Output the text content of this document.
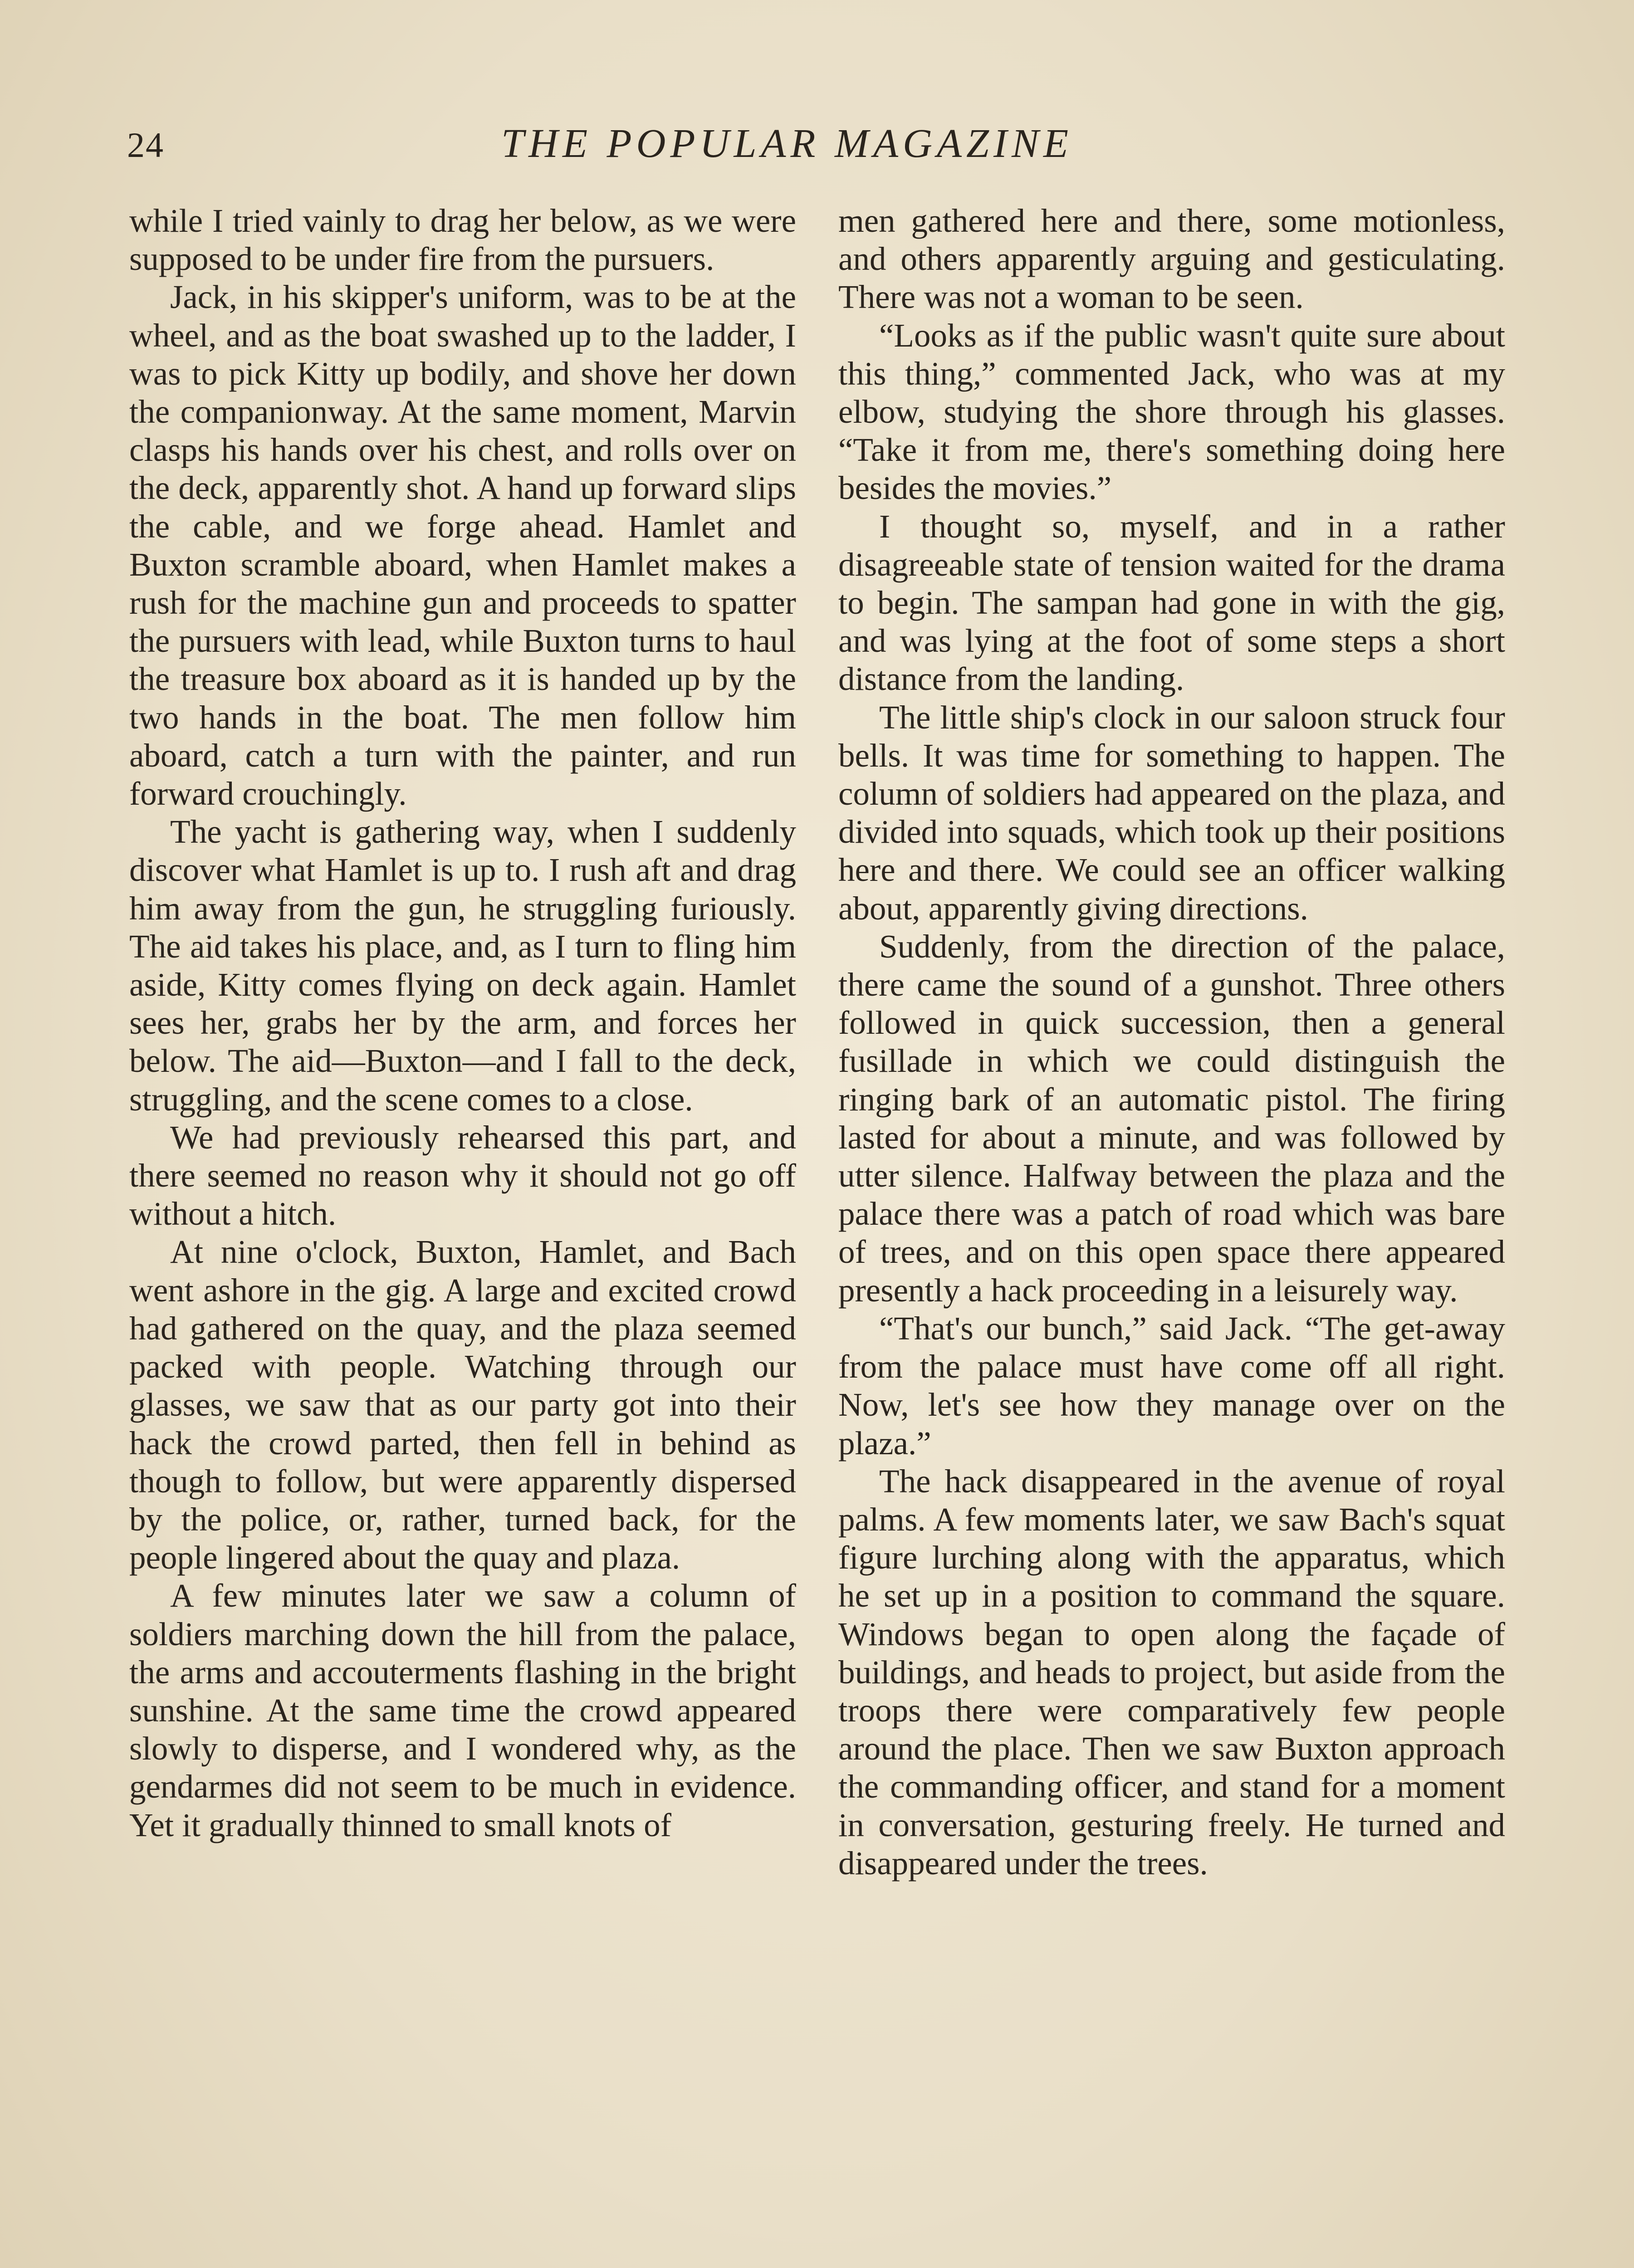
24	THE POPULAR MAGAZINE

while I tried vainly to drag her below, as we were supposed to be under fire from the pursuers.

Jack, in his skipper's uniform, was to be at the wheel, and as the boat swashed up to the ladder, I was to pick Kitty up bodily, and shove her down the companionway. At the same moment, Marvin clasps his hands over his chest, and rolls over on the deck, apparently shot. A hand up forward slips the cable, and we forge ahead. Hamlet and Buxton scramble aboard, when Hamlet makes a rush for the machine gun and proceeds to spatter the pursuers with lead, while Buxton turns to haul the treasure box aboard as it is handed up by the two hands in the boat. The men follow him aboard, catch a turn with the painter, and run forward crouchingly.

The yacht is gathering way, when I suddenly discover what Hamlet is up to. I rush aft and drag him away from the gun, he struggling furiously. The aid takes his place, and, as I turn to fling him aside, Kitty comes flying on deck again. Hamlet sees her, grabs her by the arm, and forces her below. The aid—Buxton—and I fall to the deck, struggling, and the scene comes to a close.

We had previously rehearsed this part, and there seemed no reason why it should not go off without a hitch.

At nine o'clock, Buxton, Hamlet, and Bach went ashore in the gig. A large and excited crowd had gathered on the quay, and the plaza seemed packed with people. Watching through our glasses, we saw that as our party got into their hack the crowd parted, then fell in behind as though to follow, but were apparently dispersed by the police, or, rather, turned back, for the people lingered about the quay and plaza.

A few minutes later we saw a column of soldiers marching down the hill from the palace, the arms and accouterments flashing in the bright sunshine. At the same time the crowd appeared slowly to disperse, and I wondered why, as the gendarmes did not seem to be much in evidence. Yet it gradually thinned to small knots of

men gathered here and there, some motionless, and others apparently arguing and gesticulating. There was not a woman to be seen.

“Looks as if the public wasn't quite sure about this thing,” commented Jack, who was at my elbow, studying the shore through his glasses. “Take it from me, there's something doing here besides the movies.”

I thought so, myself, and in a rather disagreeable state of tension waited for the drama to begin. The sampan had gone in with the gig, and was lying at the foot of some steps a short distance from the landing.

The little ship's clock in our saloon struck four bells. It was time for something to happen. The column of soldiers had appeared on the plaza, and divided into squads, which took up their positions here and there. We could see an officer walking about, apparently giving directions.

Suddenly, from the direction of the palace, there came the sound of a gunshot. Three others followed in quick succession, then a general fusillade in which we could distinguish the ringing bark of an automatic pistol. The firing lasted for about a minute, and was followed by utter silence. Halfway between the plaza and the palace there was a patch of road which was bare of trees, and on this open space there appeared presently a hack proceeding in a leisurely way.

“That's our bunch,” said Jack. “The get-away from the palace must have come off all right. Now, let's see how they manage over on the plaza.”

The hack disappeared in the avenue of royal palms. A few moments later, we saw Bach's squat figure lurching along with the apparatus, which he set up in a position to command the square. Windows began to open along the façade of buildings, and heads to project, but aside from the troops there were comparatively few people around the place. Then we saw Buxton approach the commanding officer, and stand for a moment in conversation, gesturing freely. He turned and disappeared under the trees.
